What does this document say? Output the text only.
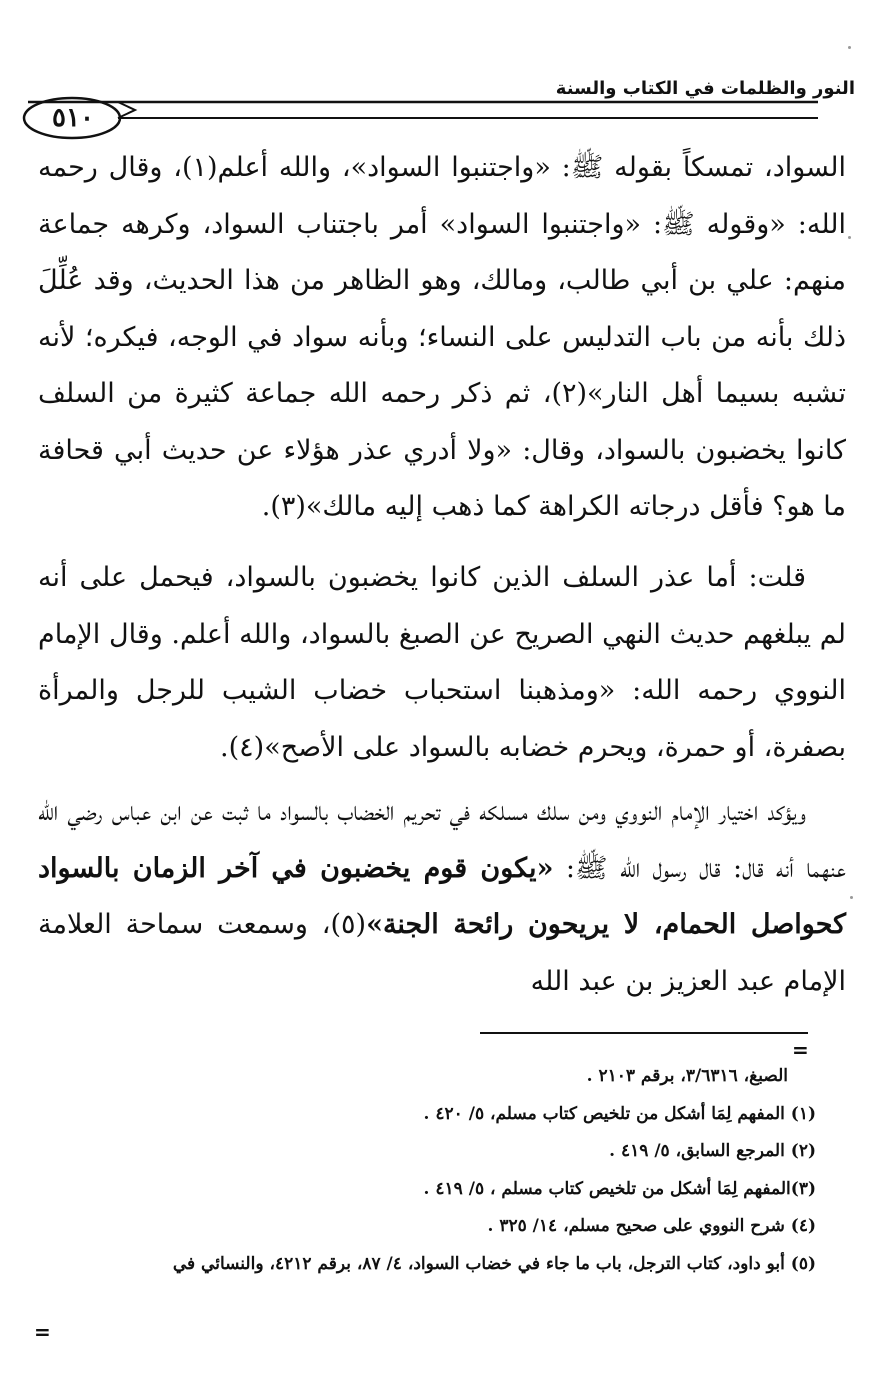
النور والظلمات في الكتاب والسنة
٥١٠

السواد، تمسكاً بقوله ﷺ: «واجتنبوا السواد»، والله أعلم(١)، وقال رحمه الله: «وقوله ﷺ: «واجتنبوا السواد» أمر باجتناب السواد، وكرهه جماعة منهم: علي بن أبي طالب، ومالك، وهو الظاهر من هذا الحديث، وقد عُلِّلَ ذلك بأنه من باب التدليس على النساء؛ وبأنه سواد في الوجه، فيكره؛ لأنه تشبه بسيما أهل النار»(٢)، ثم ذكر رحمه الله جماعة كثيرة من السلف كانوا يخضبون بالسواد، وقال: «ولا أدري عذر هؤلاء عن حديث أبي قحافة ما هو؟ فأقل درجاته الكراهة كما ذهب إليه مالك»(٣).

قلت: أما عذر السلف الذين كانوا يخضبون بالسواد، فيحمل على أنه لم يبلغهم حديث النهي الصريح عن الصبغ بالسواد، والله أعلم. وقال الإمام النووي رحمه الله: «ومذهبنا استحباب خضاب الشيب للرجل والمرأة بصفرة، أو حمرة، ويحرم خضابه بالسواد على الأصح»(٤).

ويؤكد اختيار الإمام النووي ومن سلك مسلكه في تحريم الخضاب بالسواد ما ثبت عن ابن عباس رضي الله عنهما أنه قال: قال رسول الله ﷺ: «يكون قوم يخضبون في آخر الزمان بالسواد كحواصل الحمام، لا يريحون رائحة الجنة»(٥)، وسمعت سماحة العلامة الإمام عبد العزيز بن عبد الله

=
الصبغ، ٣/٦٣١٦، برقم ٢١٠٣ .
(١) المفهم لِمَا أشكل من تلخيص كتاب مسلم، ٥/ ٤٢٠ .
(٢) المرجع السابق، ٥/ ٤١٩ .
(٣)المفهم لِمَا أشكل من تلخيص كتاب مسلم ، ٥/ ٤١٩ .
(٤) شرح النووي على صحيح مسلم، ١٤/ ٣٢٥ .
(٥) أبو داود، كتاب الترجل، باب ما جاء في خضاب السواد، ٤/ ٨٧، برقم ٤٢١٢، والنسائي في
=
